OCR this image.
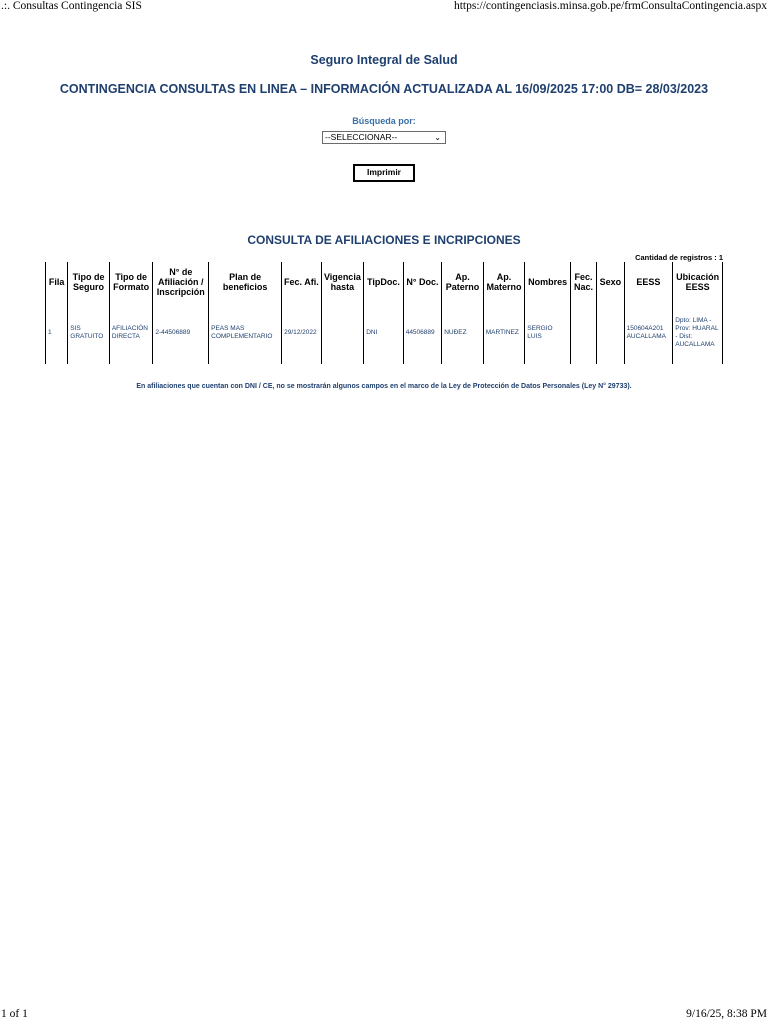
.:. Consultas Contingencia SIS	https://contingenciasis.minsa.gob.pe/frmConsultaContingencia.aspx
Seguro Integral de Salud
CONTINGENCIA CONSULTAS EN LINEA – INFORMACIÓN ACTUALIZADA AL 16/09/2025 17:00 DB= 28/03/2023
Búsqueda por:
--SELECCIONAR--	⌄
Imprimir
CONSULTA DE AFILIACIONES E INCRIPCIONES
Cantidad de registros : 1
Fila	Tipo de Seguro	Tipo de Formato	N° de Afiliación / Inscripción	Plan de beneficios	Fec. Afi.	Vigencia hasta	TipDoc.	N° Doc.	Ap. Paterno	Ap. Materno	Nombres	Fec. Nac.	Sexo	EESS	Ubicación EESS
1	SIS GRATUITO	AFILIACIÓN DIRECTA	2-44506889	PEAS MAS COMPLEMENTARIO	29/12/2022		DNI	44506889	NUÐEZ	MARTINEZ	SERGIO LUIS			150604A201 AUCALLAMA	Dpto: LIMA - Prov: HUARAL - Dist: AUCALLAMA
En afiliaciones que cuentan con DNI / CE, no se mostrarán algunos campos en el marco de la Ley de Protección de Datos Personales (Ley N° 29733).
1 of 1	9/16/25, 8:38 PM
